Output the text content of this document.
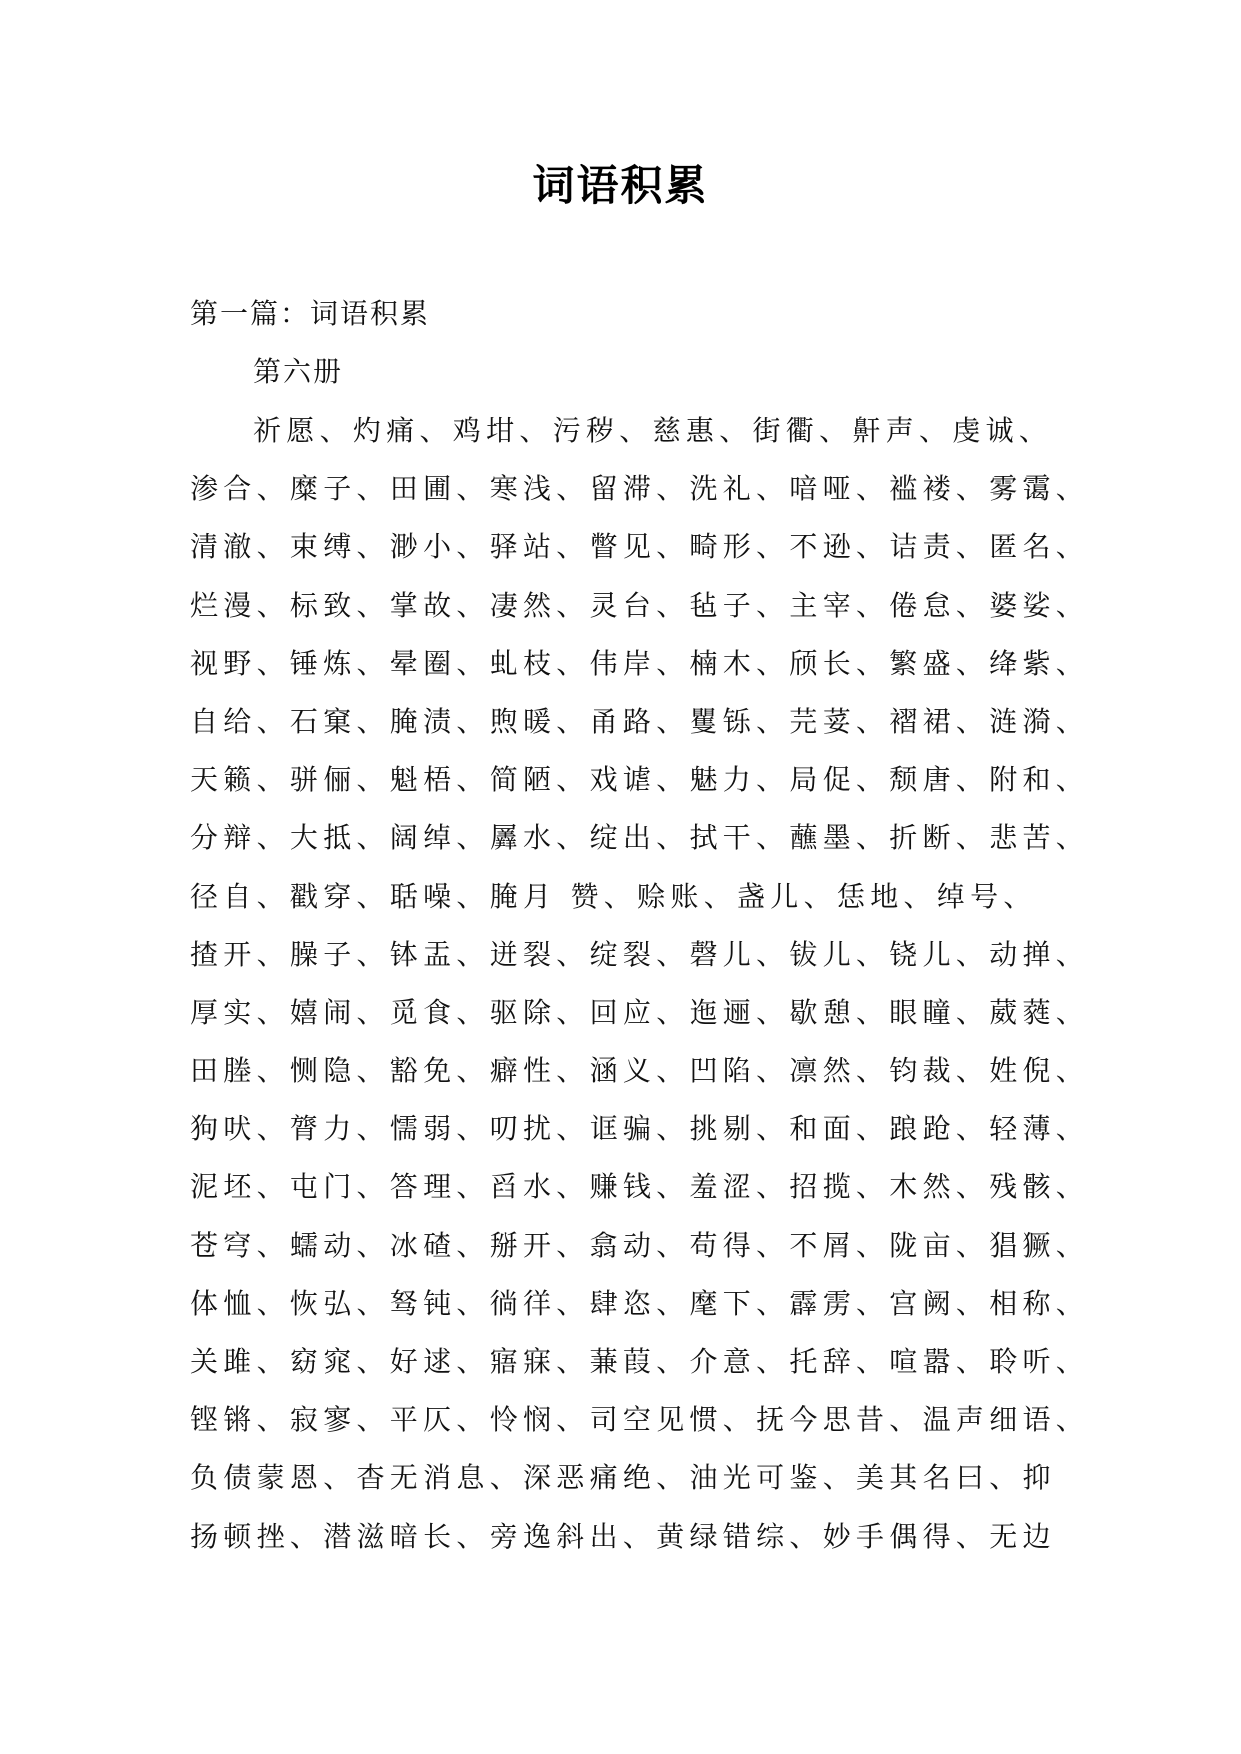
词语积累
第一篇：词语积累
第六册
祈愿、灼痛、鸡坩、污秽、慈惠、街衢、鼾声、虔诚、
渗合、糜子、田圃、寒浅、留滞、洗礼、喑哑、褴褛、雾霭、
清澈、束缚、渺小、驿站、瞥见、畸形、不逊、诘责、匿名、
烂漫、标致、掌故、凄然、灵台、毡子、主宰、倦怠、婆娑、
视野、锤炼、晕圈、虬枝、伟岸、楠木、颀长、繁盛、绛紫、
自给、石窠、腌渍、煦暖、甬路、矍铄、芫荽、褶裙、涟漪、
天籁、骈俪、魁梧、简陋、戏谑、魅力、局促、颓唐、附和、
分辩、大抵、阔绰、羼水、绽出、拭干、蘸墨、折断、悲苦、
径自、戳穿、聒噪、腌月 赞、赊账、盏儿、恁地、绰号、
揸开、臊子、钵盂、迸裂、绽裂、磬儿、钹儿、铙儿、动掸、
厚实、嬉闹、觅食、驱除、回应、迤逦、歇憩、眼瞳、葳蕤、
田塍、恻隐、豁免、癖性、涵义、凹陷、凛然、钧裁、姓倪、
狗吠、膂力、懦弱、叨扰、诓骗、挑剔、和面、踉跄、轻薄、
泥坯、屯门、答理、舀水、赚钱、羞涩、招揽、木然、残骸、
苍穹、蠕动、冰碴、掰开、翕动、苟得、不屑、陇亩、猖獗、
体恤、恢弘、驽钝、徜徉、肆恣、麾下、霹雳、宫阙、相称、
关雎、窈窕、好逑、寤寐、蒹葭、介意、托辞、喧嚣、聆听、
铿锵、寂寥、平仄、怜悯、司空见惯、抚今思昔、温声细语、
负债蒙恩、杳无消息、深恶痛绝、油光可鉴、美其名曰、抑
扬顿挫、潜滋暗长、旁逸斜出、黄绿错综、妙手偶得、无边
